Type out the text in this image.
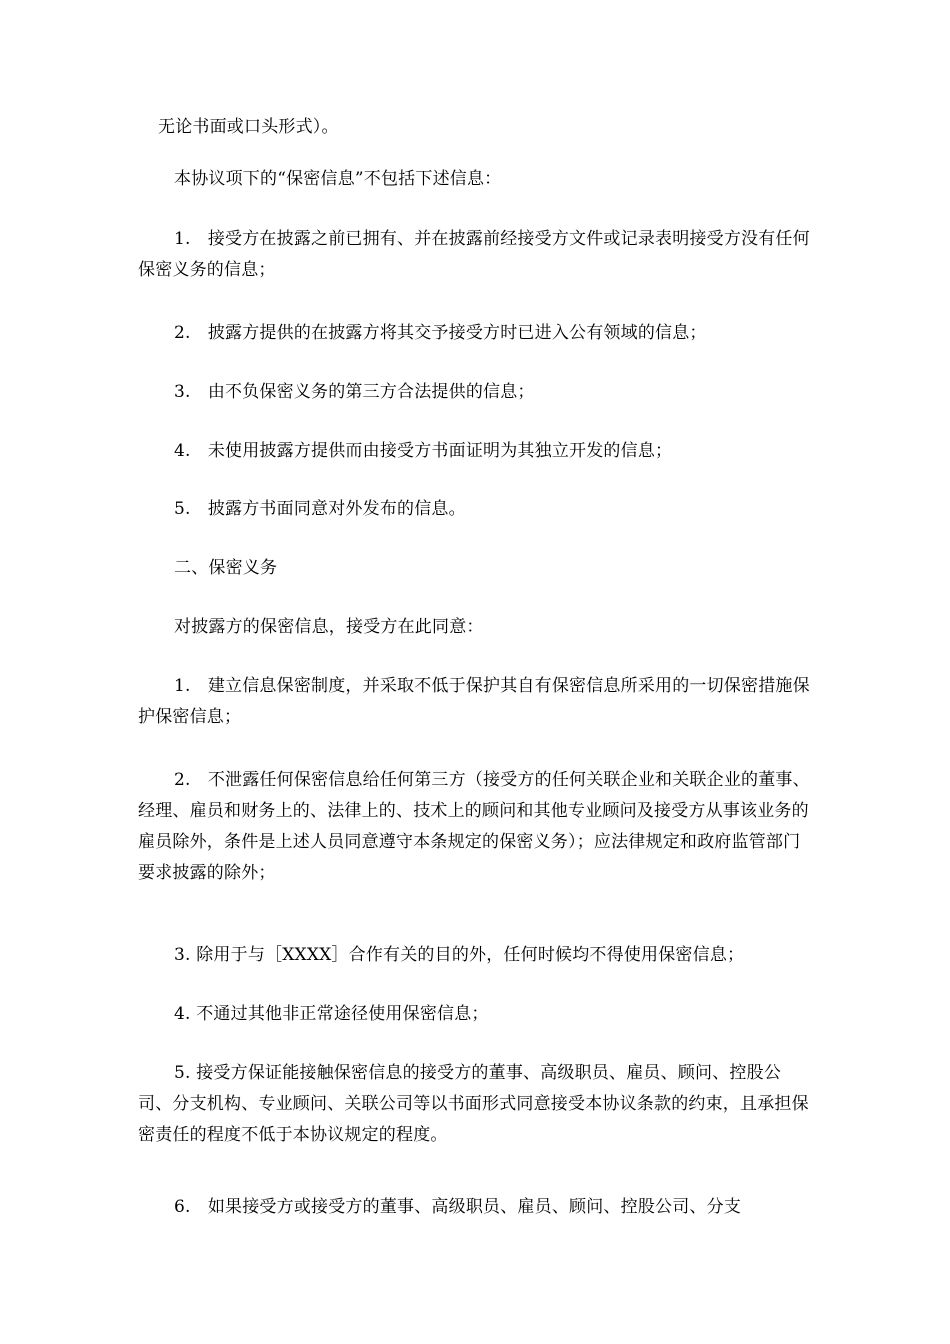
无论书面或口头形式）。

本协议项下的“保密信息”不包括下述信息：

1.　接受方在披露之前已拥有、并在披露前经接受方文件或记录表明接受方没有任何保密义务的信息；

2.　披露方提供的在披露方将其交予接受方时已进入公有领域的信息；

3.　由不负保密义务的第三方合法提供的信息；

4.　未使用披露方提供而由接受方书面证明为其独立开发的信息；

5.　披露方书面同意对外发布的信息。

二、保密义务

对披露方的保密信息，接受方在此同意：

1.　建立信息保密制度，并采取不低于保护其自有保密信息所采用的一切保密措施保护保密信息；

2.　不泄露任何保密信息给任何第三方（接受方的任何关联企业和关联企业的董事、经理、雇员和财务上的、法律上的、技术上的顾问和其他专业顾问及接受方从事该业务的雇员除外，条件是上述人员同意遵守本条规定的保密义务）；应法律规定和政府监管部门要求披露的除外；

3. 除用于与［XXXX］合作有关的目的外，任何时候均不得使用保密信息；

4. 不通过其他非正常途径使用保密信息；

5. 接受方保证能接触保密信息的接受方的董事、高级职员、雇员、顾问、控股公司、分支机构、专业顾问、关联公司等以书面形式同意接受本协议条款的约束，且承担保密责任的程度不低于本协议规定的程度。

6.　如果接受方或接受方的董事、高级职员、雇员、顾问、控股公司、分支
